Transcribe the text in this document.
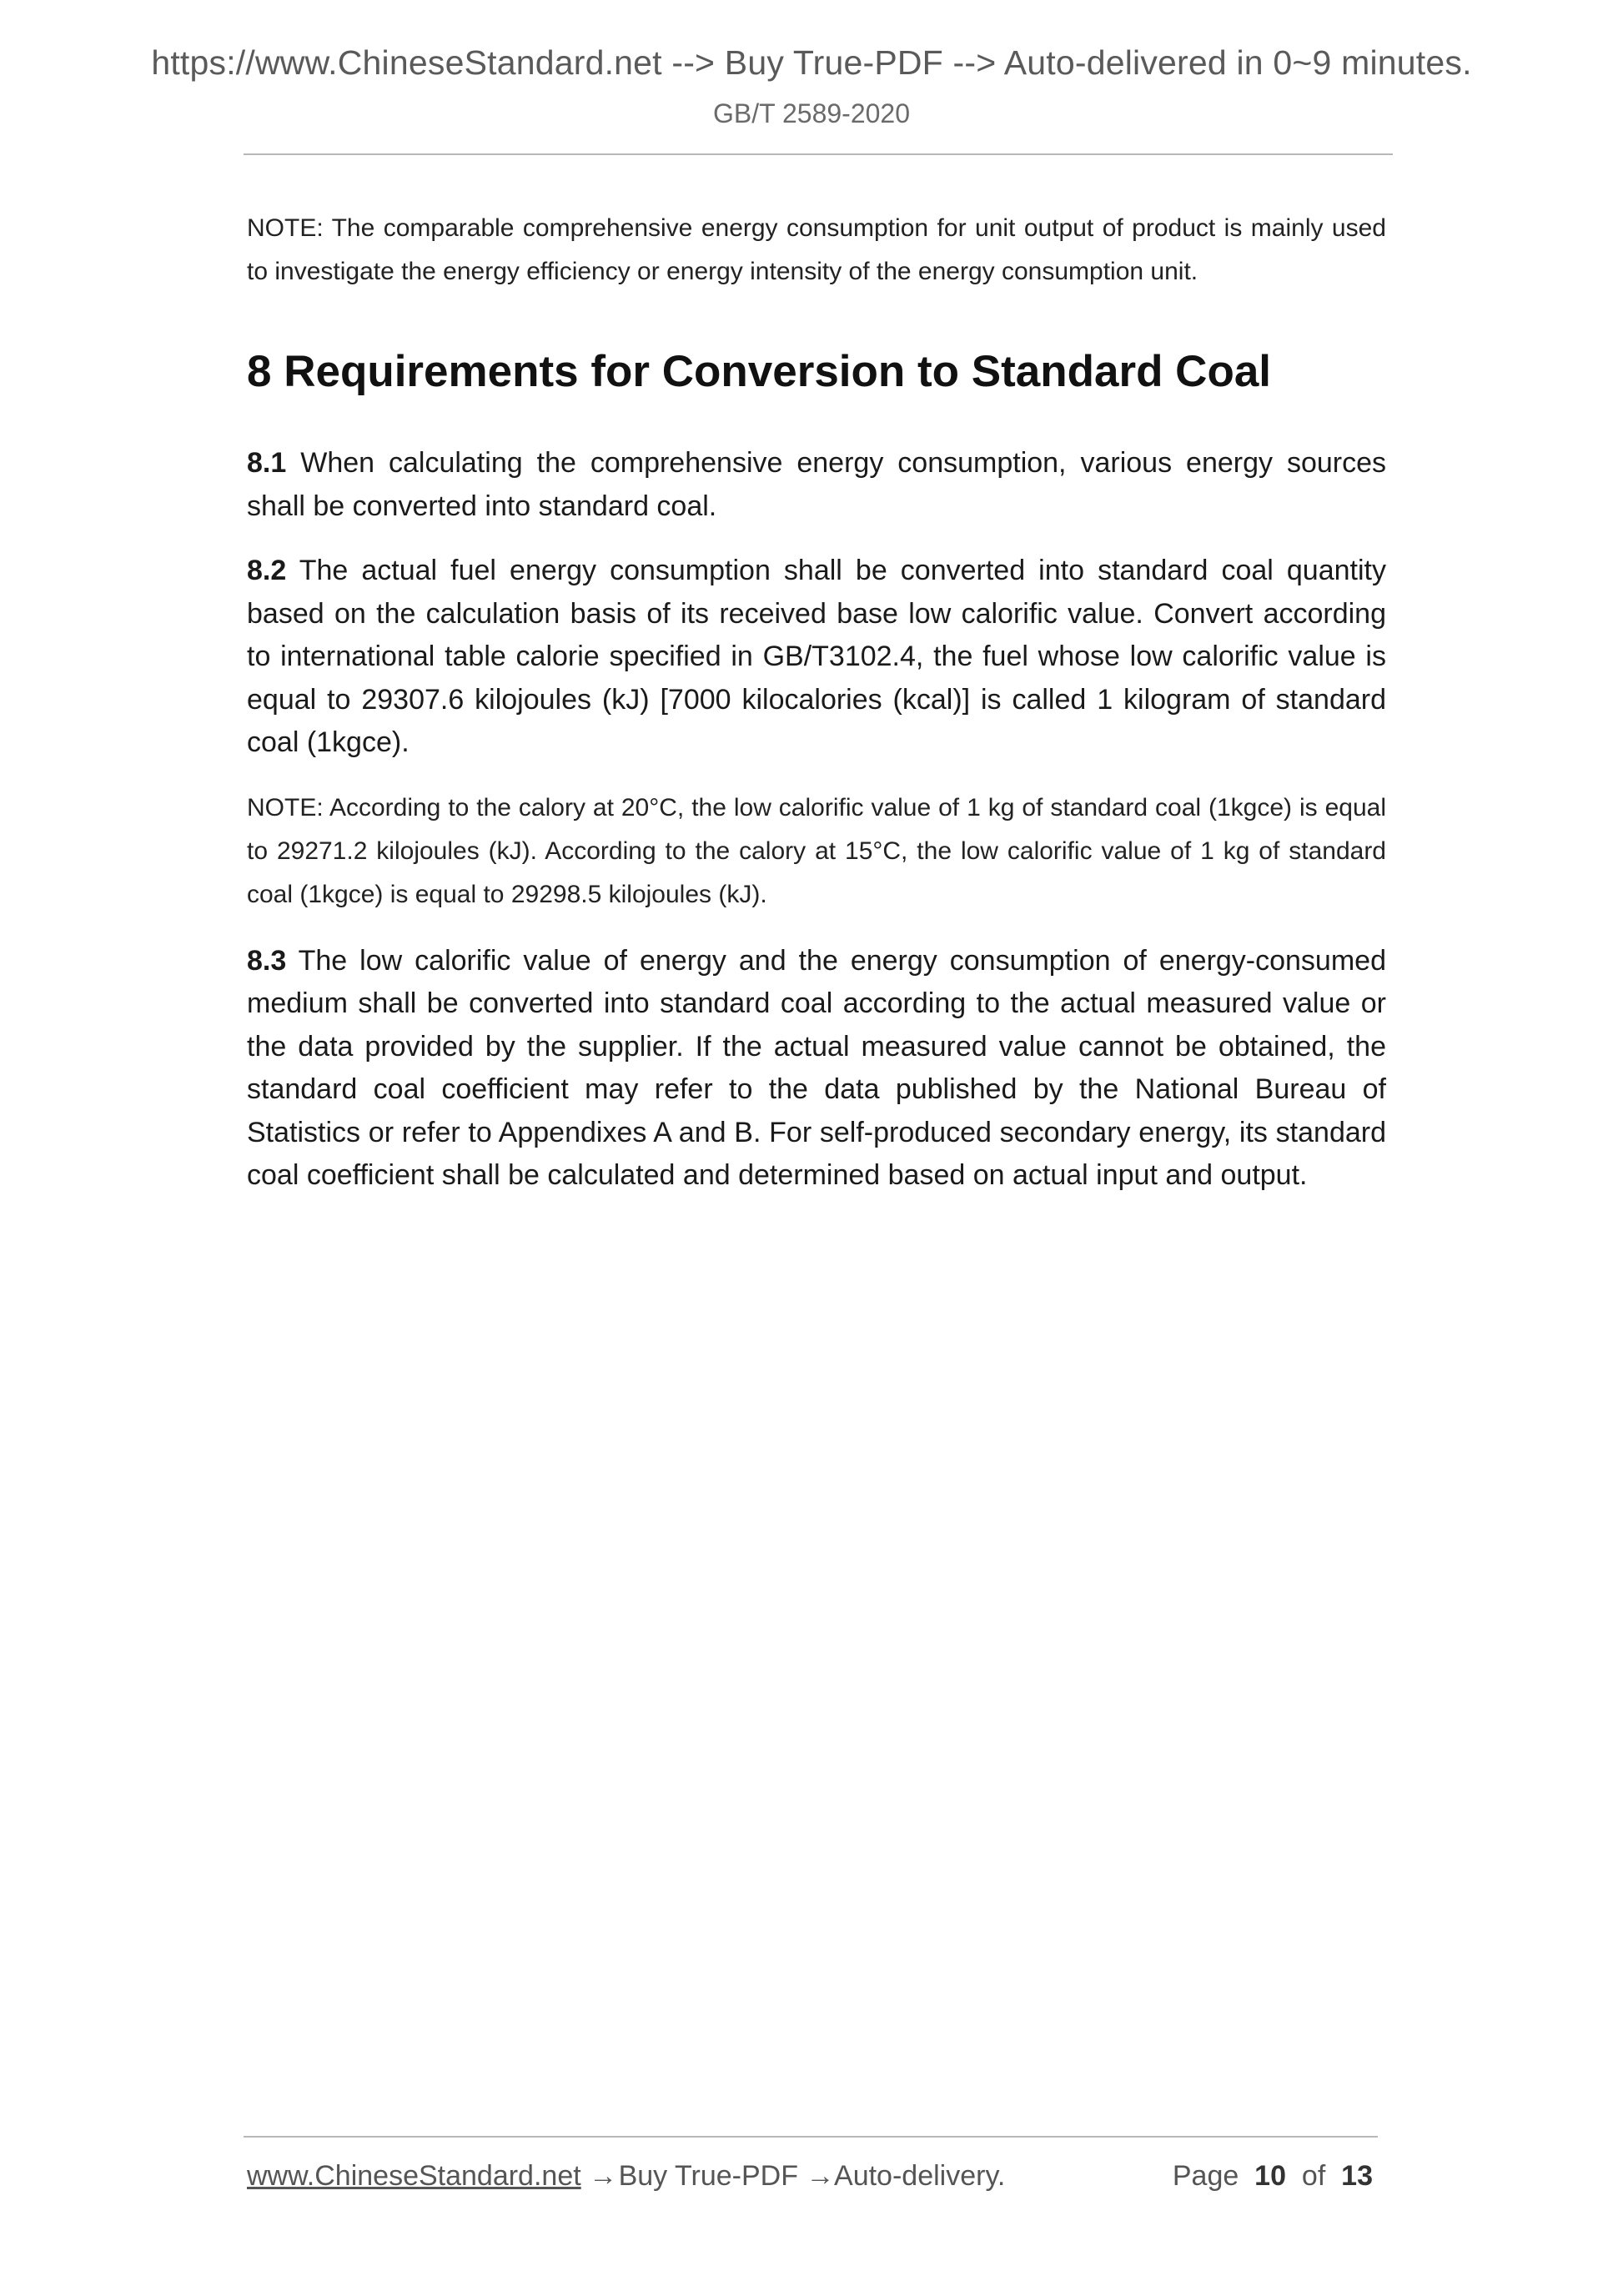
https://www.ChineseStandard.net --> Buy True-PDF --> Auto-delivered in 0~9 minutes.
GB/T 2589-2020

NOTE: The comparable comprehensive energy consumption for unit output of product is mainly used to investigate the energy efficiency or energy intensity of the energy consumption unit.

8 Requirements for Conversion to Standard Coal

8.1 When calculating the comprehensive energy consumption, various energy sources shall be converted into standard coal.

8.2 The actual fuel energy consumption shall be converted into standard coal quantity based on the calculation basis of its received base low calorific value. Convert according to international table calorie specified in GB/T3102.4, the fuel whose low calorific value is equal to 29307.6 kilojoules (kJ) [7000 kilocalories (kcal)] is called 1 kilogram of standard coal (1kgce).

NOTE: According to the calory at 20°C, the low calorific value of 1 kg of standard coal (1kgce) is equal to 29271.2 kilojoules (kJ). According to the calory at 15°C, the low calorific value of 1 kg of standard coal (1kgce) is equal to 29298.5 kilojoules (kJ).

8.3 The low calorific value of energy and the energy consumption of energy-consumed medium shall be converted into standard coal according to the actual measured value or the data provided by the supplier. If the actual measured value cannot be obtained, the standard coal coefficient may refer to the data published by the National Bureau of Statistics or refer to Appendixes A and B. For self-produced secondary energy, its standard coal coefficient shall be calculated and determined based on actual input and output.

www.ChineseStandard.net → Buy True-PDF → Auto-delivery.	Page 10 of 13
